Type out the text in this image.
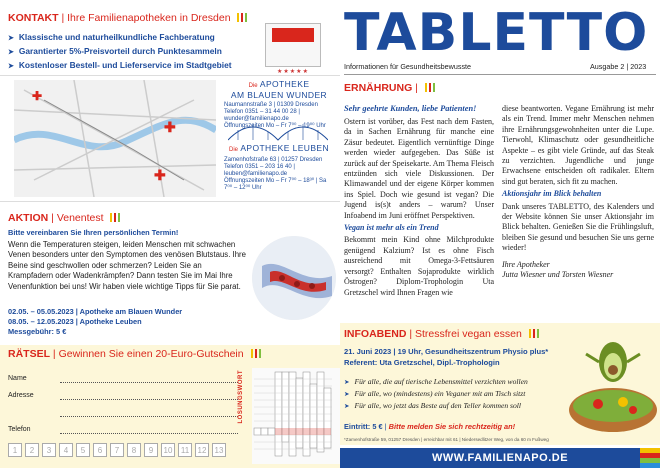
KONTAKT | Ihre Familienapotheken in Dresden
➤ Klassische und naturheilkundliche Fachberatung
➤ Garantierter 5%-Preisvorteil durch Punktesammeln
➤ Kostenloser Bestell- und Lieferservice im Stadtgebiet
★★★★★
✚
✚
✚
Die APOTHEKE
AM BLAUEN WUNDER
Naumannstraße 3 | 01309 Dresden
Telefon 0351 – 31 44 00 28 | wunder@familienapo.de
Öffnungszeiten Mo – Fr 7⁰⁰ – 19⁰⁰ Uhr
Die APOTHEKE LEUBEN
Zamenhofstraße 63 | 01257 Dresden
Telefon 0351 – 203 16 40 | leuben@familienapo.de
Öffnungszeiten Mo – Fr 7⁰⁰ – 18³⁰ | Sa 7⁰⁰ – 12⁰⁰ Uhr
AKTION | Venentest
Bitte vereinbaren Sie Ihren persönlichen Termin!
Wenn die Temperaturen steigen, leiden Menschen mit schwachen Venen besonders unter den Symptomen des venösen Blutstaus. Ihre Beine sind geschwollen oder schmerzen? Leiden Sie an Krampfadern oder Wadenkrämpfen? Dann testen Sie im Mai Ihre Venenfunktion bei uns! Wir haben viele wichtige Tipps für Sie parat.
02.05. – 05.05.2023 | Apotheke am Blauen Wunder
08.05. – 12.05.2023 | Apotheke Leuben
Messgebühr: 5 €
RÄTSEL | Gewinnen Sie einen 20-Euro-Gutschein
Name
Adresse
Telefon
1	2	3	4	5	6	7	8	9	10	11	12	13
LÖSUNGSWORT
TABLETTO
Informationen für Gesundheitsbewusste	Ausgabe 2 | 2023
ERNÄHRUNG |
Sehr geehrte Kunden, liebe Patienten!

Ostern ist vorüber, das Fest nach dem Fasten, da in Sachen Ernährung für manche eine Zäsur bedeutet. Eigentlich vernünftige Dinge werden wieder aufgegeben. Das Süße ist zurück auf der Speisekarte. Am Thema Fleisch entzünden sich viele Diskussionen. Der Klimawandel und der eigene Körper kommen ins Spiel. Doch wie gesund ist vegan? Die Jugend is(s)t anders – warum? Unser Infoabend im Juni eröffnet Perspektiven.

Vegan ist mehr als ein Trend

Bekommt mein Kind ohne Milchprodukte genügend Kalzium? Ist es ohne Fisch ausreichend mit Omega-3-Fettsäuren versorgt? Enthalten Sojaprodukte wirklich Östrogen? Diplom-Trophologin Uta Gretzschel wird Ihnen Fragen wie

diese beantworten. Vegane Ernährung ist mehr als ein Trend. Immer mehr Menschen nehmen ihre Ernährungsgewohnheiten unter die Lupe. Tierwohl, Klimaschutz oder gesundheitliche Aspekte – es gibt viele Gründe, auf das Steak zu verzichten. Jugendliche und junge Erwachsene entscheiden oft radikaler. Eltern sind gut beraten, sich fit zu machen.

Aktionsjahr im Blick behalten

Dank unseres TABLETTO, des Kalenders und der Website können Sie unser Aktionsjahr im Blick behalten. Genießen Sie die Frühlingsluft, bleiben Sie gesund und besuchen Sie uns gerne wieder!

Ihre Apotheker

Jutta Wiesner und Torsten Wiesner

INFOABEND | Stressfrei vegan essen
21. Juni 2023 | 19 Uhr, Gesundheitszentrum Physio plus*
Referent: Uta Gretzschel, Dipl.-Trophologin
➤ Für alle, die auf tierische Lebensmittel verzichten wollen
➤ Für alle, wo (mindestens) ein Veganer mit am Tisch sitzt
➤ Für alle, wo jetzt das Beste auf den Teller kommen soll
Eintritt: 5 € | Bitte melden Sie sich rechtzeitig an!
*Zamenhofstraße 59, 01257 Dresden | erreichbar mit 61 | Niedersedlitzer Weg, von da 60 m Fußweg
WWW.FAMILIENAPO.DE
